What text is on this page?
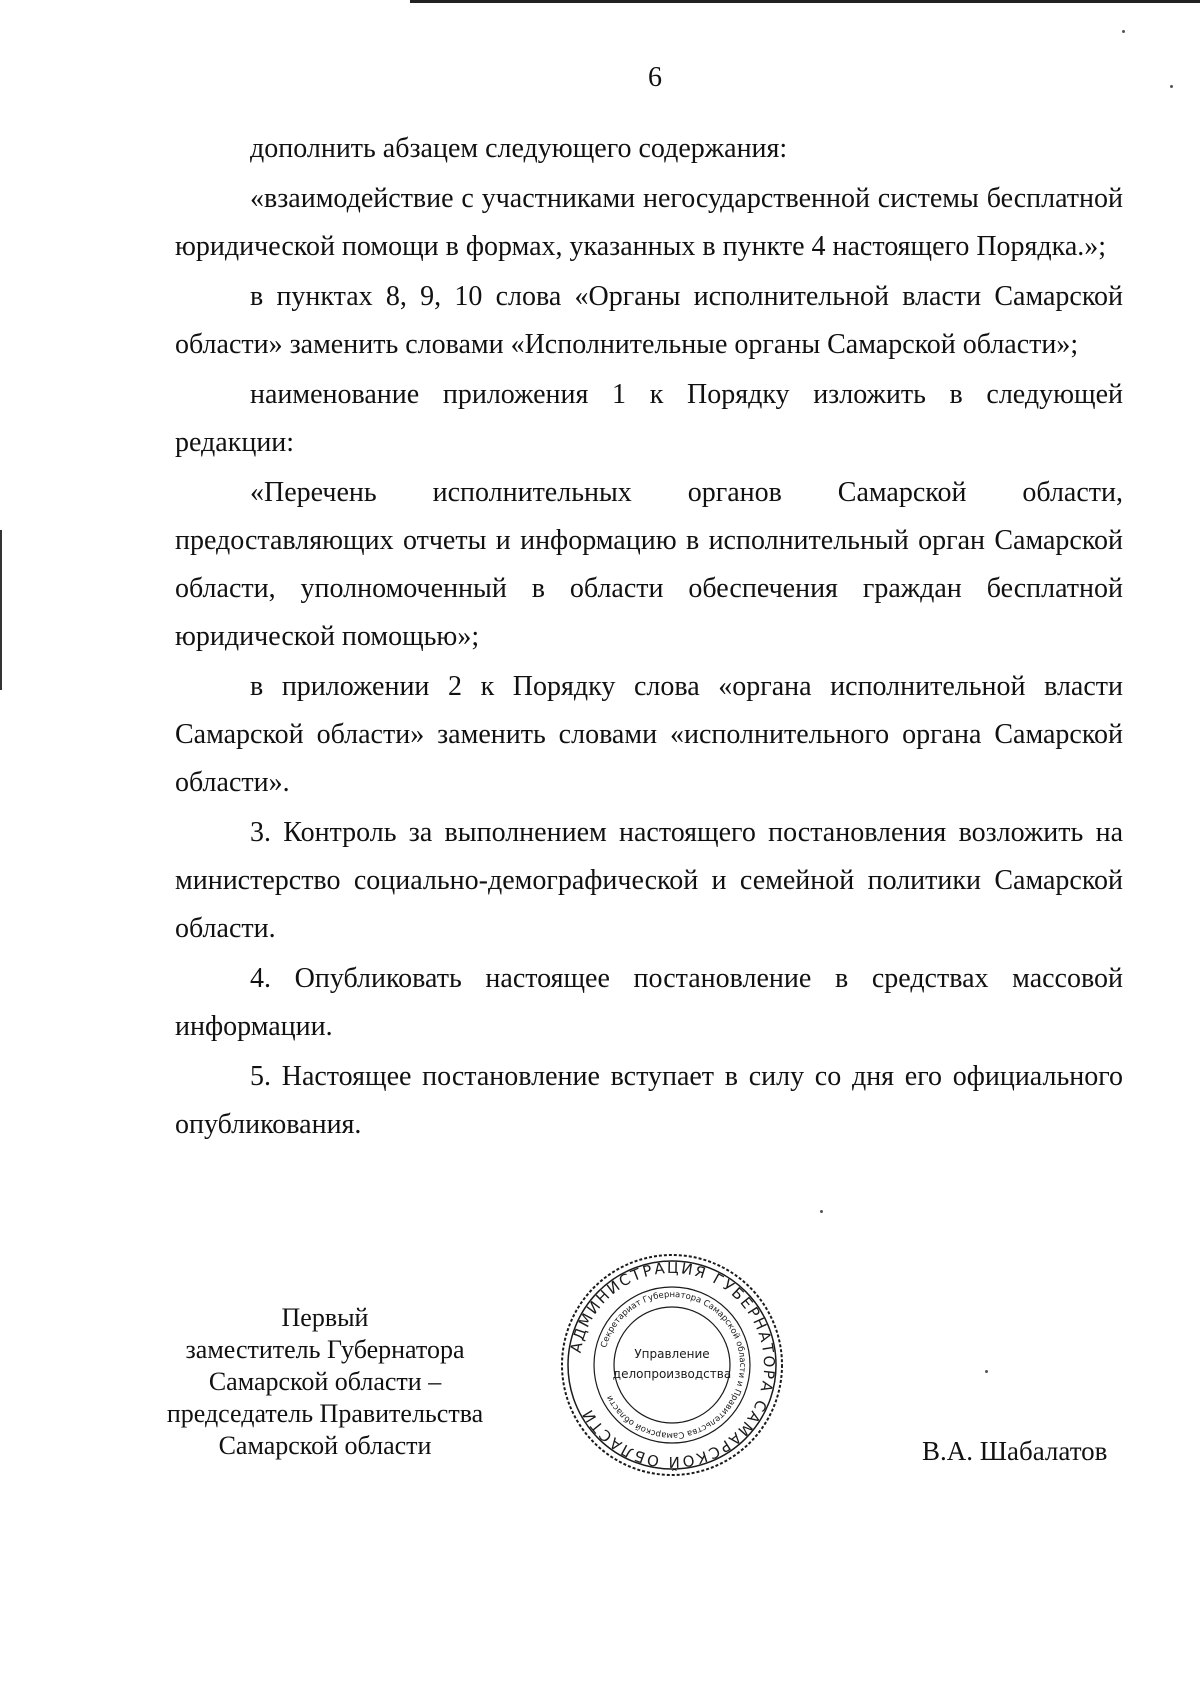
6

дополнить абзацем следующего содержания:

«взаимодействие с участниками негосударственной системы бесплатной юридической помощи в формах, указанных в пункте 4 настоящего Порядка.»;

в пунктах 8, 9, 10 слова «Органы исполнительной власти Самарской области» заменить словами «Исполнительные органы Самарской области»;

наименование приложения 1 к Порядку изложить в следующей редакции:

«Перечень исполнительных органов Самарской области, предоставляющих отчеты и информацию в исполнительный орган Самарской области, уполномоченный в области обеспечения граждан бесплатной юридической помощью»;

в приложении 2 к Порядку слова «органа исполнительной власти Самарской области» заменить словами «исполнительного органа Самарской области».

3. Контроль за выполнением настоящего постановления возложить на министерство социально-демографической и семейной политики Самарской области.

4. Опубликовать настоящее постановление в средствах массовой информации.

5. Настоящее постановление вступает в силу со дня его официального опубликования.

Первый
заместитель Губернатора
Самарской области –
председатель Правительства
Самарской области
АДМИНИСТРАЦИЯ ГУБЕРНАТОРА САМАРСКОЙ ОБЛАСТИ
Секретариат Губернатора Самарской области и Правительства Самарской области
Управление
делопроизводства
В.А. Шабалатов
